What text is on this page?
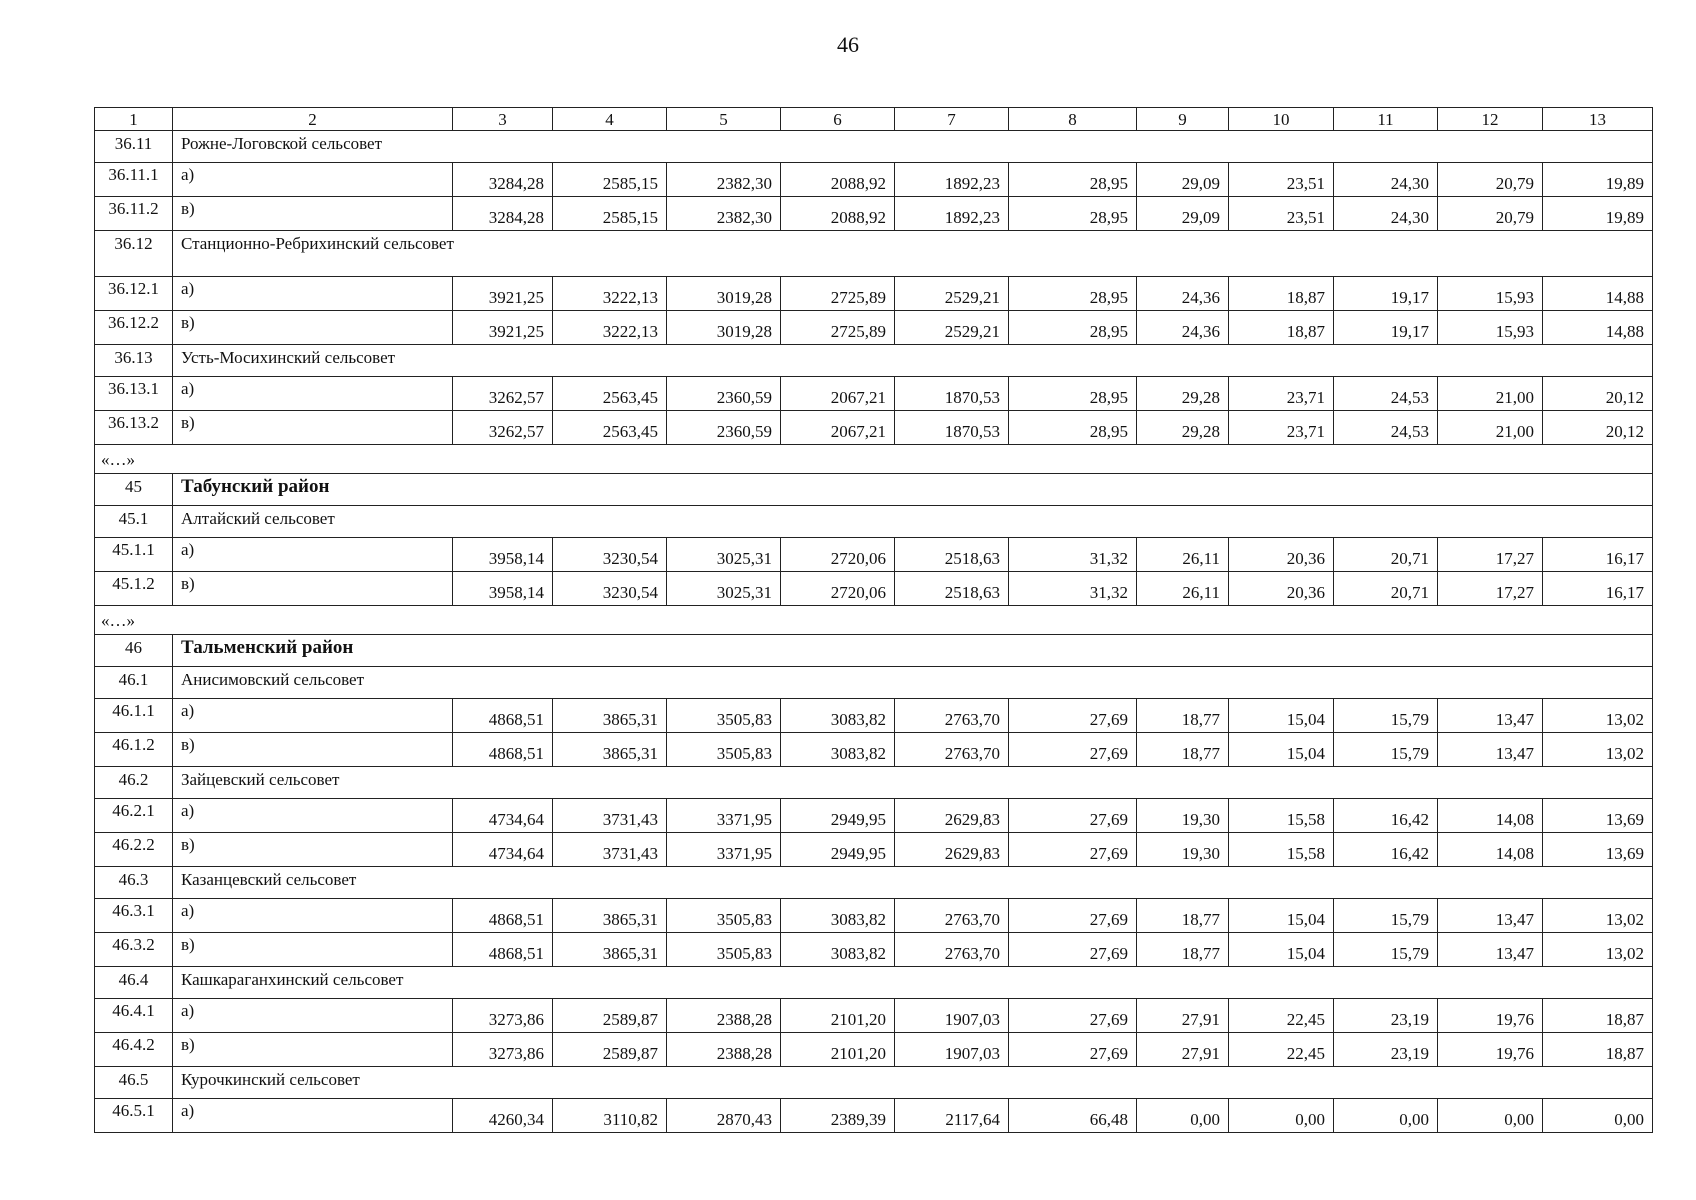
46
1	2	3	4	5	6	7	8	9	10	11	12	13
36.11	Рожне-Логовской сельсовет											
36.11.1	а)	3284,28	2585,15	2382,30	2088,92	1892,23	28,95	29,09	23,51	24,30	20,79	19,89
36.11.2	в)	3284,28	2585,15	2382,30	2088,92	1892,23	28,95	29,09	23,51	24,30	20,79	19,89
36.12	Станционно-Ребрихинский сельсовет											
36.12.1	а)	3921,25	3222,13	3019,28	2725,89	2529,21	28,95	24,36	18,87	19,17	15,93	14,88
36.12.2	в)	3921,25	3222,13	3019,28	2725,89	2529,21	28,95	24,36	18,87	19,17	15,93	14,88
36.13	Усть-Мосихинский сельсовет											
36.13.1	а)	3262,57	2563,45	2360,59	2067,21	1870,53	28,95	29,28	23,71	24,53	21,00	20,12
36.13.2	в)	3262,57	2563,45	2360,59	2067,21	1870,53	28,95	29,28	23,71	24,53	21,00	20,12
«…»												
45	Табунский район											
45.1	Алтайский сельсовет											
45.1.1	а)	3958,14	3230,54	3025,31	2720,06	2518,63	31,32	26,11	20,36	20,71	17,27	16,17
45.1.2	в)	3958,14	3230,54	3025,31	2720,06	2518,63	31,32	26,11	20,36	20,71	17,27	16,17
«…»												
46	Тальменский район											
46.1	Анисимовский сельсовет											
46.1.1	а)	4868,51	3865,31	3505,83	3083,82	2763,70	27,69	18,77	15,04	15,79	13,47	13,02
46.1.2	в)	4868,51	3865,31	3505,83	3083,82	2763,70	27,69	18,77	15,04	15,79	13,47	13,02
46.2	Зайцевский сельсовет											
46.2.1	а)	4734,64	3731,43	3371,95	2949,95	2629,83	27,69	19,30	15,58	16,42	14,08	13,69
46.2.2	в)	4734,64	3731,43	3371,95	2949,95	2629,83	27,69	19,30	15,58	16,42	14,08	13,69
46.3	Казанцевский сельсовет											
46.3.1	а)	4868,51	3865,31	3505,83	3083,82	2763,70	27,69	18,77	15,04	15,79	13,47	13,02
46.3.2	в)	4868,51	3865,31	3505,83	3083,82	2763,70	27,69	18,77	15,04	15,79	13,47	13,02
46.4	Кашкараганхинский сельсовет											
46.4.1	а)	3273,86	2589,87	2388,28	2101,20	1907,03	27,69	27,91	22,45	23,19	19,76	18,87
46.4.2	в)	3273,86	2589,87	2388,28	2101,20	1907,03	27,69	27,91	22,45	23,19	19,76	18,87
46.5	Курочкинский сельсовет											
46.5.1	а)	4260,34	3110,82	2870,43	2389,39	2117,64	66,48	0,00	0,00	0,00	0,00	0,00
